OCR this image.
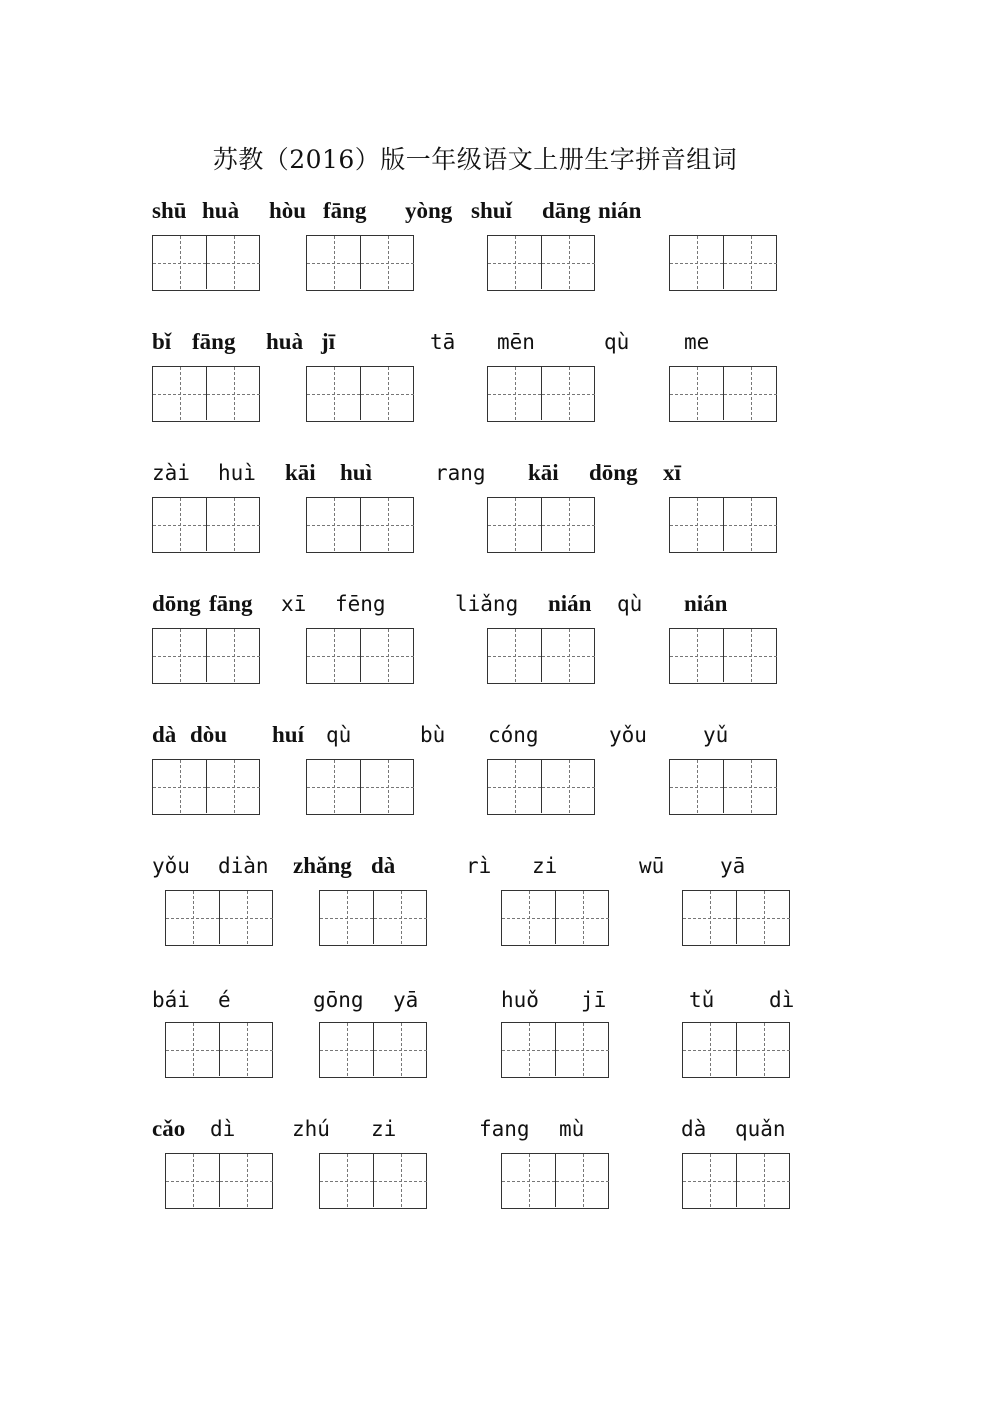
苏教（2016）版一年级语文上册生字拼音组词
shū huà hòu fāng yòng shuǐ dāng nián
bǐ fāng huà jī	tā mēn	qù	me
zài huì kāi huì	rang kāi dōng xī
dōng fāng xī fēng	liǎng nián qù nián
dà dòu huí qù	bù cóng	yǒu	yǔ
yǒu diàn zhǎng dà	rì zi	wū	yā
bái é	gōng yā	huǒ jī	tǔ	dì
cǎo dì	zhú zi	fang mù	dà quǎn
